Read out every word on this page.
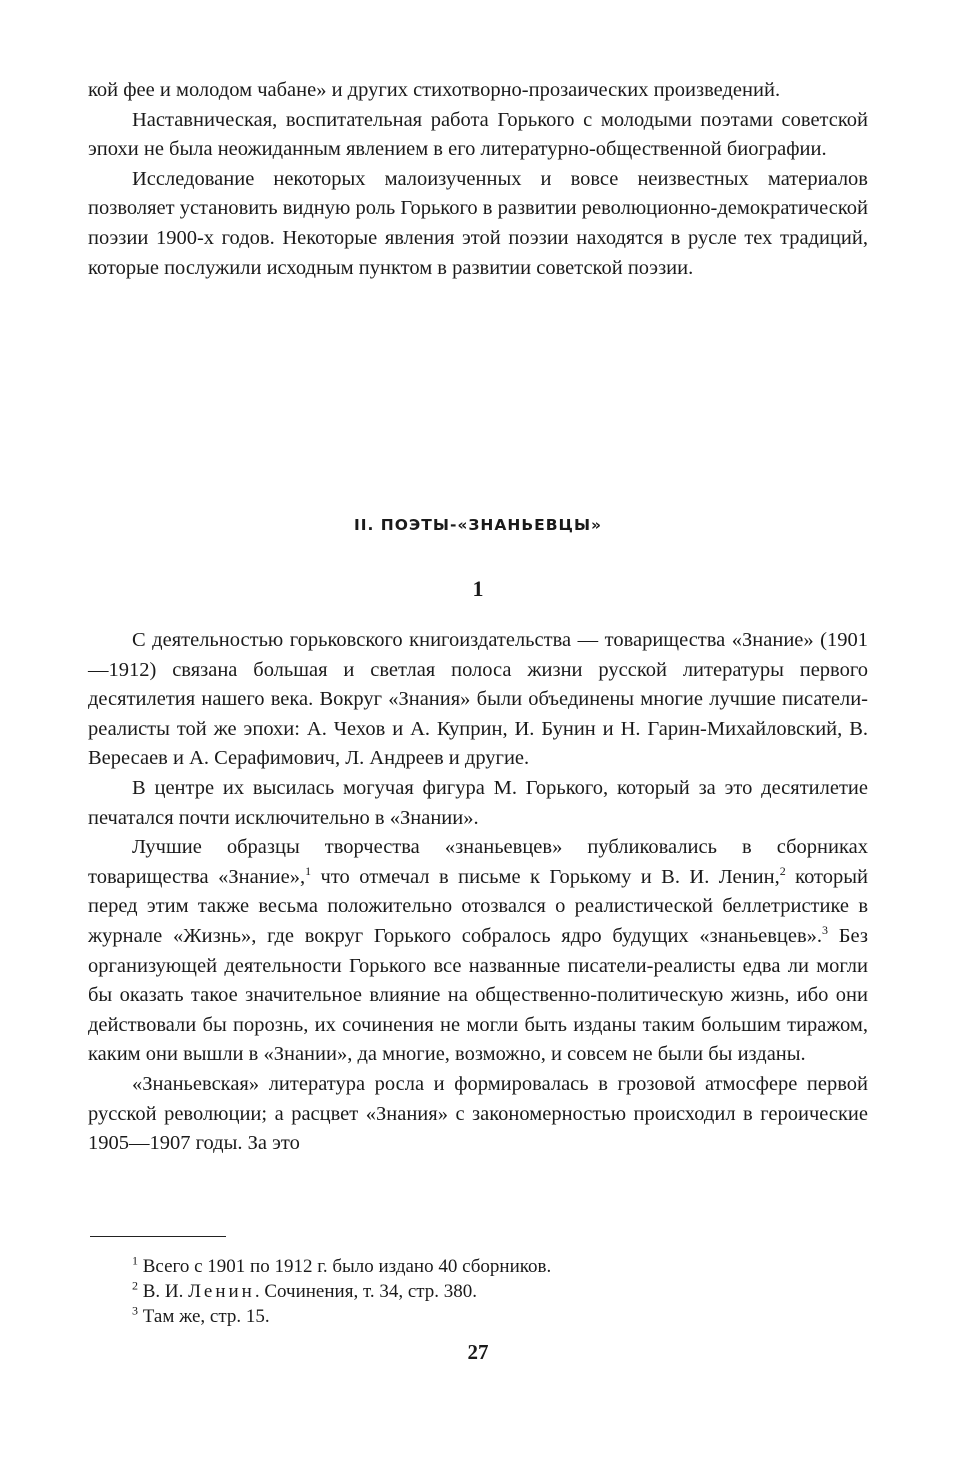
кой фее и молодом чабане» и других стихотворно-прозаических произведений.

Наставническая, воспитательная работа Горького с молодыми поэтами советской эпохи не была неожиданным явлением в его литературно-общественной биографии.

Исследование некоторых малоизученных и вовсе неизвестных материалов позволяет установить видную роль Горького в развитии революционно-демократической поэзии 1900-х годов. Некоторые явления этой поэзии находятся в русле тех традиций, которые послужили исходным пунктом в развитии советской поэзии.

II. ПОЭТЫ-«ЗНАНЬЕВЦЫ»
1

С деятельностью горьковского книгоиздательства — товарищества «Знание» (1901—1912) связана большая и светлая полоса жизни русской литературы первого десятилетия нашего века. Вокруг «Знания» были объединены многие лучшие писатели-реалисты той же эпохи: А. Чехов и А. Куприн, И. Бунин и Н. Гарин-Михайловский, В. Вересаев и А. Серафимович, Л. Андреев и другие.

В центре их высилась могучая фигура М. Горького, который за это десятилетие печатался почти исключительно в «Знании».

Лучшие образцы творчества «знаньевцев» публиковались в сборниках товарищества «Знание»,$^1$ что отмечал в письме к Горькому и В. И. Ленин,$^2$ который перед этим также весьма положительно отозвался о реалистической беллетристике в журнале «Жизнь», где вокруг Горького собралось ядро будущих «знаньевцев».$^3$ Без организующей деятельности Горького все названные писатели-реалисты едва ли могли бы оказать такое значительное влияние на общественно-политическую жизнь, ибо они действовали бы порознь, их сочинения не могли быть изданы таким большим тиражом, каким они вышли в «Знании», да многие, возможно, и совсем не были бы изданы.

«Знаньевская» литература росла и формировалась в грозовой атмосфере первой русской революции; а расцвет «Знания» с закономерностью происходил в героические 1905—1907 годы. За это

$^1$ Всего с 1901 по 1912 г. было издано 40 сборников.

$^2$ В. И. Ленин. Сочинения, т. 34, стр. 380.

$^3$ Там же, стр. 15.

27
